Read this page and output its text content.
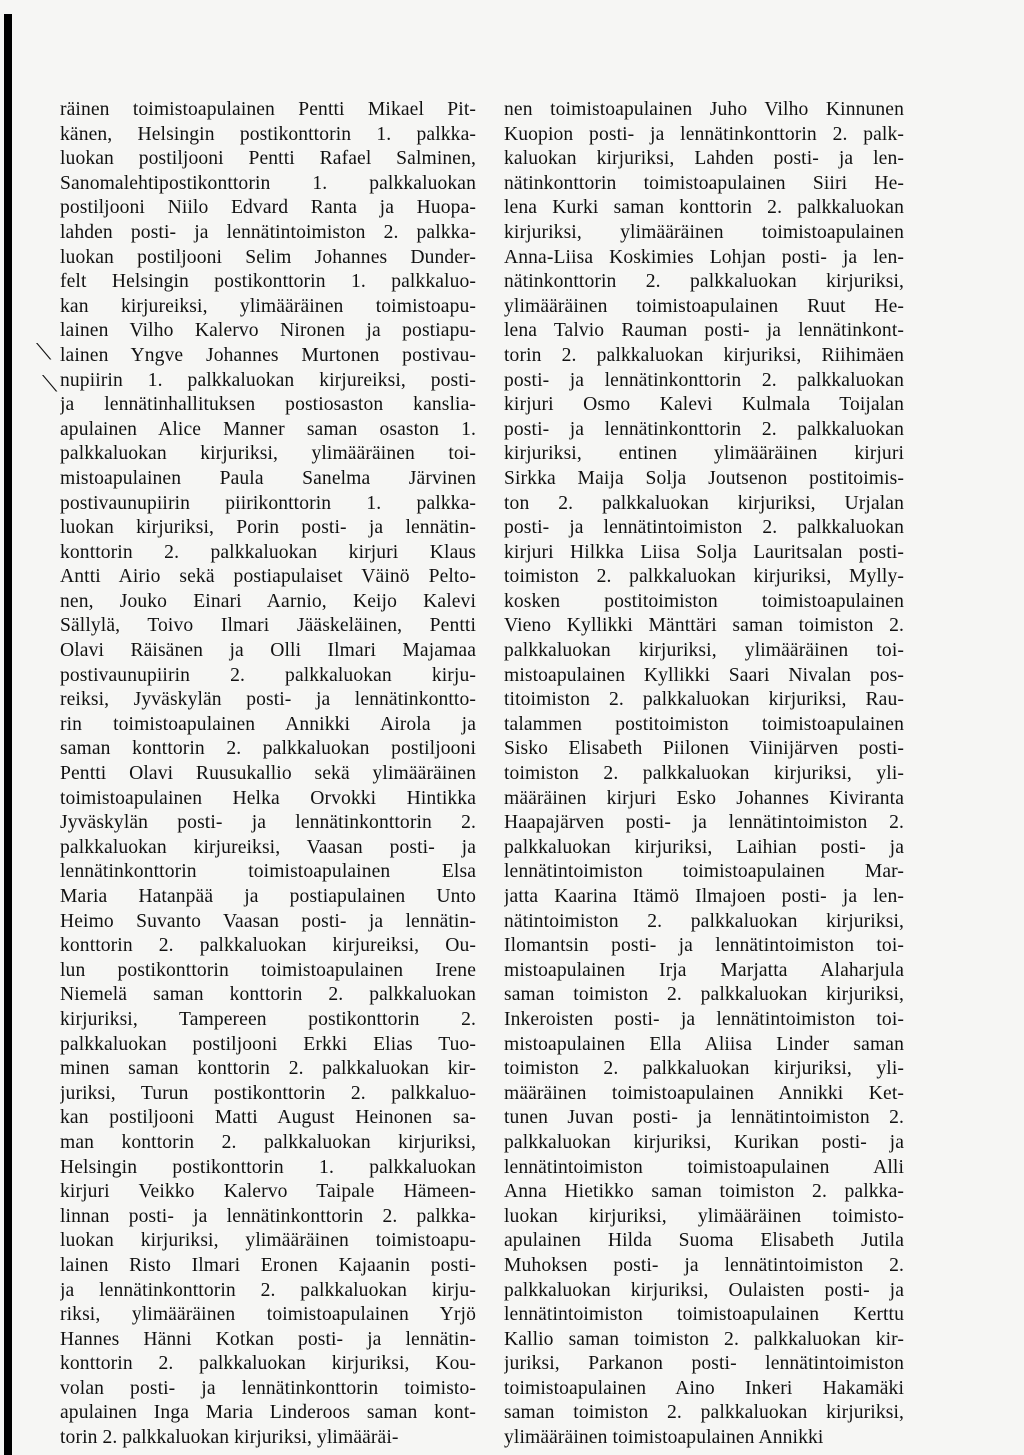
⟍
⟍
räinen toimistoapulainen Pentti Mikael Pit-
känen, Helsingin postikonttorin 1. palkka-
luokan postiljooni Pentti Rafael Salminen,
Sanomalehtipostikonttorin 1. palkkaluokan
postiljooni Niilo Edvard Ranta ja Huopa-
lahden posti- ja lennätintoimiston 2. palkka-
luokan postiljooni Selim Johannes Dunder-
felt Helsingin postikonttorin 1. palkkaluo-
kan kirjureiksi, ylimääräinen toimistoapu-
lainen Vilho Kalervo Nironen ja postiapu-
lainen Yngve Johannes Murtonen postivau-
nupiirin 1. palkkaluokan kirjureiksi, posti-
ja lennätinhallituksen postiosaston kanslia-
apulainen Alice Manner saman osaston 1.
palkkaluokan kirjuriksi, ylimääräinen toi-
mistoapulainen Paula Sanelma Järvinen
postivaunupiirin piirikonttorin 1. palkka-
luokan kirjuriksi, Porin posti- ja lennätin-
konttorin 2. palkkaluokan kirjuri Klaus
Antti Airio sekä postiapulaiset Väinö Pelto-
nen, Jouko Einari Aarnio, Keijo Kalevi
Sällylä, Toivo Ilmari Jääskeläinen, Pentti
Olavi Räisänen ja Olli Ilmari Majamaa
postivaunupiirin 2. palkkaluokan kirju-
reiksi, Jyväskylän posti- ja lennätinkontto-
rin toimistoapulainen Annikki Airola ja
saman konttorin 2. palkkaluokan postiljooni
Pentti Olavi Ruusukallio sekä ylimääräinen
toimistoapulainen Helka Orvokki Hintikka
Jyväskylän posti- ja lennätinkonttorin 2.
palkkaluokan kirjureiksi, Vaasan posti- ja
lennätinkonttorin toimistoapulainen Elsa
Maria Hatanpää ja postiapulainen Unto
Heimo Suvanto Vaasan posti- ja lennätin-
konttorin 2. palkkaluokan kirjureiksi, Ou-
lun postikonttorin toimistoapulainen Irene
Niemelä saman konttorin 2. palkkaluokan
kirjuriksi, Tampereen postikonttorin 2.
palkkaluokan postiljooni Erkki Elias Tuo-
minen saman konttorin 2. palkkaluokan kir-
juriksi, Turun postikonttorin 2. palkkaluo-
kan postiljooni Matti August Heinonen sa-
man konttorin 2. palkkaluokan kirjuriksi,
Helsingin postikonttorin 1. palkkaluokan
kirjuri Veikko Kalervo Taipale Hämeen-
linnan posti- ja lennätinkonttorin 2. palkka-
luokan kirjuriksi, ylimääräinen toimistoapu-
lainen Risto Ilmari Eronen Kajaanin posti-
ja lennätinkonttorin 2. palkkaluokan kirju-
riksi, ylimääräinen toimistoapulainen Yrjö
Hannes Hänni Kotkan posti- ja lennätin-
konttorin 2. palkkaluokan kirjuriksi, Kou-
volan posti- ja lennätinkonttorin toimisto-
apulainen Inga Maria Linderoos saman kont-
torin 2. palkkaluokan kirjuriksi, ylimääräi-
nen toimistoapulainen Juho Vilho Kinnunen
Kuopion posti- ja lennätinkonttorin 2. palk-
kaluokan kirjuriksi, Lahden posti- ja len-
nätinkonttorin toimistoapulainen Siiri He-
lena Kurki saman konttorin 2. palkkaluokan
kirjuriksi, ylimääräinen toimistoapulainen
Anna-Liisa Koskimies Lohjan posti- ja len-
nätinkonttorin 2. palkkaluokan kirjuriksi,
ylimääräinen toimistoapulainen Ruut He-
lena Talvio Rauman posti- ja lennätinkont-
torin 2. palkkaluokan kirjuriksi, Riihimäen
posti- ja lennätinkonttorin 2. palkkaluokan
kirjuri Osmo Kalevi Kulmala Toijalan
posti- ja lennätinkonttorin 2. palkkaluokan
kirjuriksi, entinen ylimääräinen kirjuri
Sirkka Maija Solja Joutsenon postitoimis-
ton 2. palkkaluokan kirjuriksi, Urjalan
posti- ja lennätintoimiston 2. palkkaluokan
kirjuri Hilkka Liisa Solja Lauritsalan posti-
toimiston 2. palkkaluokan kirjuriksi, Mylly-
kosken postitoimiston toimistoapulainen
Vieno Kyllikki Mänttäri saman toimiston 2.
palkkaluokan kirjuriksi, ylimääräinen toi-
mistoapulainen Kyllikki Saari Nivalan pos-
titoimiston 2. palkkaluokan kirjuriksi, Rau-
talammen postitoimiston toimistoapulainen
Sisko Elisabeth Piilonen Viinijärven posti-
toimiston 2. palkkaluokan kirjuriksi, yli-
määräinen kirjuri Esko Johannes Kiviranta
Haapajärven posti- ja lennätintoimiston 2.
palkkaluokan kirjuriksi, Laihian posti- ja
lennätintoimiston toimistoapulainen Mar-
jatta Kaarina Itämö Ilmajoen posti- ja len-
nätintoimiston 2. palkkaluokan kirjuriksi,
Ilomantsin posti- ja lennätintoimiston toi-
mistoapulainen Irja Marjatta Alaharjula
saman toimiston 2. palkkaluokan kirjuriksi,
Inkeroisten posti- ja lennätintoimiston toi-
mistoapulainen Ella Aliisa Linder saman
toimiston 2. palkkaluokan kirjuriksi, yli-
määräinen toimistoapulainen Annikki Ket-
tunen Juvan posti- ja lennätintoimiston 2.
palkkaluokan kirjuriksi, Kurikan posti- ja
lennätintoimiston toimistoapulainen Alli
Anna Hietikko saman toimiston 2. palkka-
luokan kirjuriksi, ylimääräinen toimisto-
apulainen Hilda Suoma Elisabeth Jutila
Muhoksen posti- ja lennätintoimiston 2.
palkkaluokan kirjuriksi, Oulaisten posti- ja
lennätintoimiston toimistoapulainen Kerttu
Kallio saman toimiston 2. palkkaluokan kir-
juriksi, Parkanon posti- lennätintoimiston
toimistoapulainen Aino Inkeri Hakamäki
saman toimiston 2. palkkaluokan kirjuriksi,
ylimääräinen toimistoapulainen Annikki
